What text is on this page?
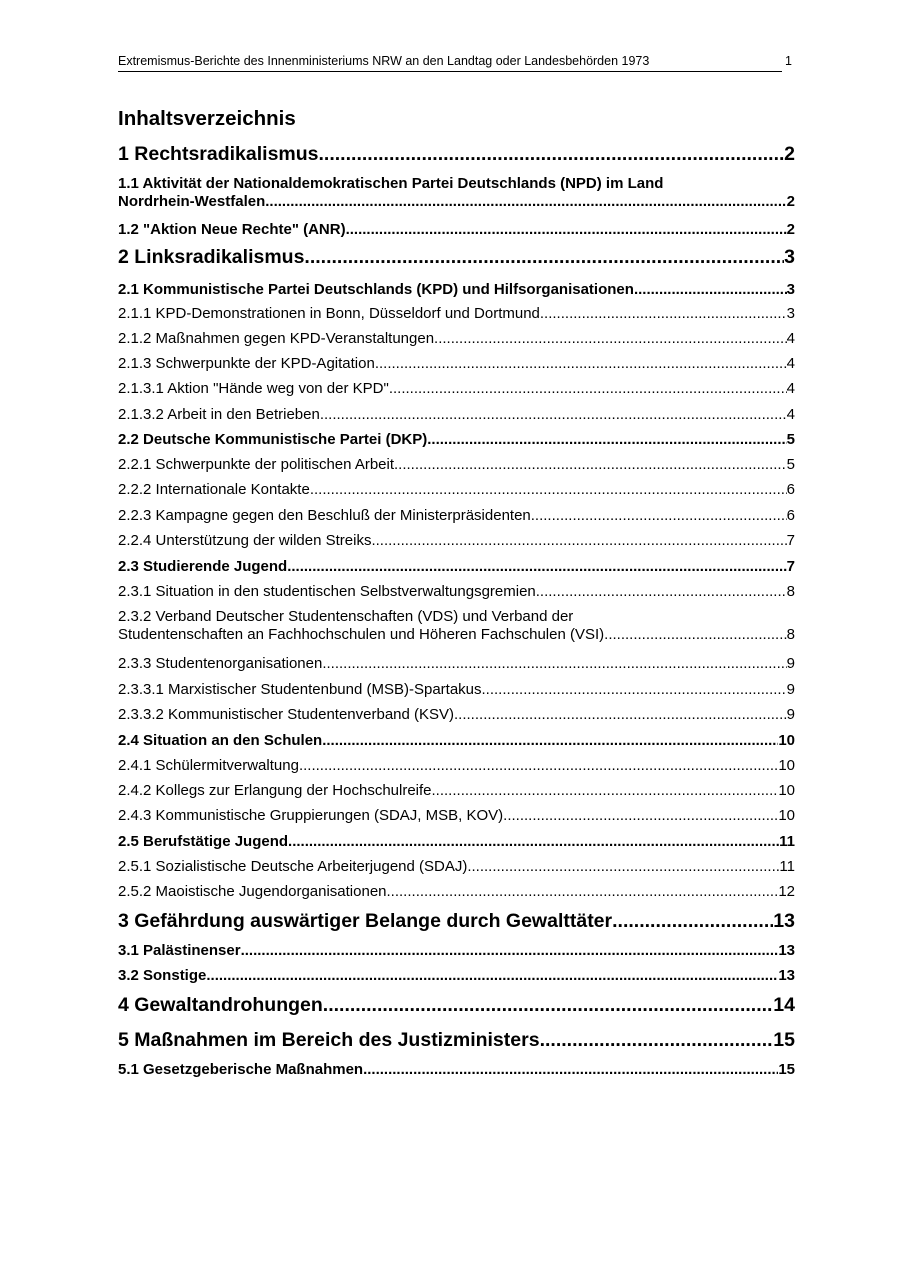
Extremismus-Berichte des Innenministeriums NRW an den Landtag oder Landesbehörden 1973	1
Inhaltsverzeichnis
1 Rechtsradikalismus .....	2
1.1 Aktivität der Nationaldemokratischen Partei Deutschlands (NPD) im Land
Nordrhein-Westfalen .....	2
1.2 "Aktion Neue Rechte" (ANR) .....	2
2 Linksradikalismus .....	3
2.1 Kommunistische Partei Deutschlands (KPD) und Hilfsorganisationen .....	3
2.1.1 KPD-Demonstrationen in Bonn, Düsseldorf und Dortmund .....	3
2.1.2 Maßnahmen gegen KPD-Veranstaltungen .....	4
2.1.3 Schwerpunkte der KPD-Agitation .....	4
2.1.3.1 Aktion "Hände weg von der KPD" .....	4
2.1.3.2 Arbeit in den Betrieben .....	4
2.2 Deutsche Kommunistische Partei (DKP) .....	5
2.2.1 Schwerpunkte der politischen Arbeit .....	5
2.2.2 Internationale Kontakte .....	6
2.2.3 Kampagne gegen den Beschluß der Ministerpräsidenten .....	6
2.2.4 Unterstützung der wilden Streiks .....	7
2.3 Studierende Jugend .....	7
2.3.1 Situation in den studentischen Selbstverwaltungsgremien .....	8
2.3.2 Verband Deutscher Studentenschaften (VDS) und Verband der
Studentenschaften an Fachhochschulen und Höheren Fachschulen (VSI) .....	8
2.3.3 Studentenorganisationen .....	9
2.3.3.1 Marxistischer Studentenbund (MSB)-Spartakus .....	9
2.3.3.2 Kommunistischer Studentenverband (KSV) .....	9
2.4 Situation an den Schulen .....	10
2.4.1 Schülermitverwaltung .....	10
2.4.2 Kollegs zur Erlangung der Hochschulreife .....	10
2.4.3 Kommunistische Gruppierungen (SDAJ, MSB, KOV) .....	10
2.5 Berufstätige Jugend .....	11
2.5.1 Sozialistische Deutsche Arbeiterjugend (SDAJ) .....	11
2.5.2 Maoistische Jugendorganisationen .....	12
3 Gefährdung auswärtiger Belange durch Gewalttäter .....	13
3.1 Palästinenser .....	13
3.2 Sonstige .....	13
4 Gewaltandrohungen .....	14
5 Maßnahmen im Bereich des Justizministers .....	15
5.1 Gesetzgeberische Maßnahmen .....	15
